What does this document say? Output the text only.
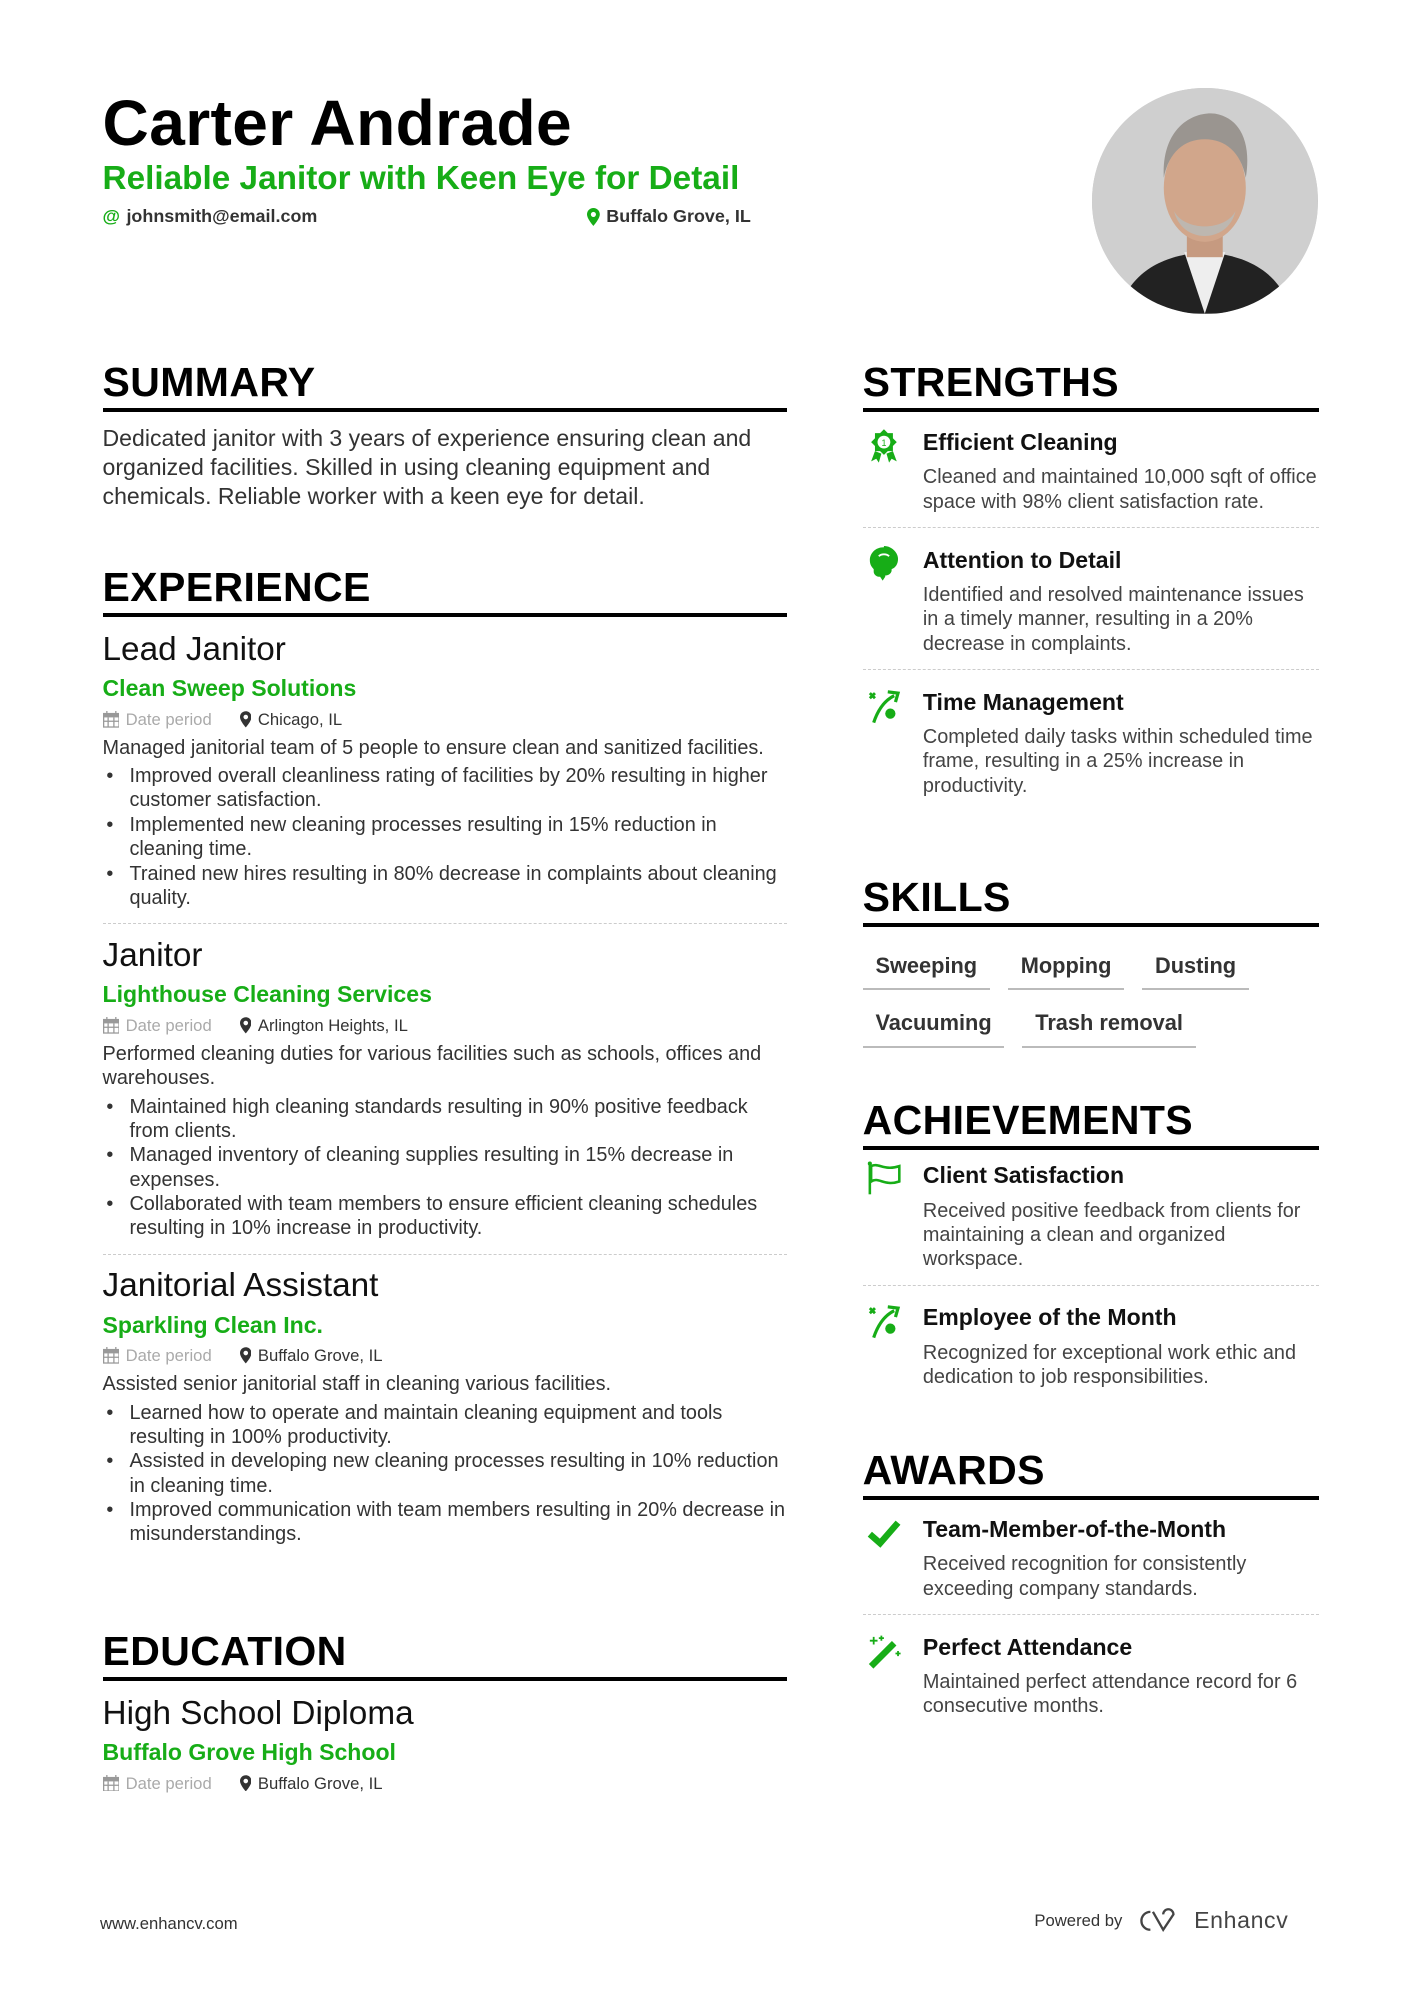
Carter Andrade
Reliable Janitor with Keen Eye for Detail
@ johnsmith@email.com	Buffalo Grove, IL
SUMMARY
Dedicated janitor with 3 years of experience ensuring clean and organized facilities. Skilled in using cleaning equipment and chemicals. Reliable worker with a keen eye for detail.
EXPERIENCE
Lead Janitor
Clean Sweep Solutions
Date period	Chicago, IL
Managed janitorial team of 5 people to ensure clean and sanitized facilities.
• Improved overall cleanliness rating of facilities by 20% resulting in higher customer satisfaction.
• Implemented new cleaning processes resulting in 15% reduction in cleaning time.
• Trained new hires resulting in 80% decrease in complaints about cleaning quality.
Janitor
Lighthouse Cleaning Services
Date period	Arlington Heights, IL
Performed cleaning duties for various facilities such as schools, offices and warehouses.
• Maintained high cleaning standards resulting in 90% positive feedback from clients.
• Managed inventory of cleaning supplies resulting in 15% decrease in expenses.
• Collaborated with team members to ensure efficient cleaning schedules resulting in 10% increase in productivity.
Janitorial Assistant
Sparkling Clean Inc.
Date period	Buffalo Grove, IL
Assisted senior janitorial staff in cleaning various facilities.
• Learned how to operate and maintain cleaning equipment and tools resulting in 100% productivity.
• Assisted in developing new cleaning processes resulting in 10% reduction in cleaning time.
• Improved communication with team members resulting in 20% decrease in misunderstandings.
EDUCATION
High School Diploma
Buffalo Grove High School
Date period	Buffalo Grove, IL
STRENGTHS
1 Efficient Cleaning
Cleaned and maintained 10,000 sqft of office space with 98% client satisfaction rate.
Attention to Detail
Identified and resolved maintenance issues in a timely manner, resulting in a 20% decrease in complaints.
Time Management
Completed daily tasks within scheduled time frame, resulting in a 25% increase in productivity.
SKILLS
Sweeping	Mopping	Dusting
Vacuuming	Trash removal
ACHIEVEMENTS
Client Satisfaction
Received positive feedback from clients for maintaining a clean and organized workspace.
Employee of the Month
Recognized for exceptional work ethic and dedication to job responsibilities.
AWARDS
Team-Member-of-the-Month
Received recognition for consistently exceeding company standards.
Perfect Attendance
Maintained perfect attendance record for 6 consecutive months.
www.enhancv.com	Powered by	Enhancv
